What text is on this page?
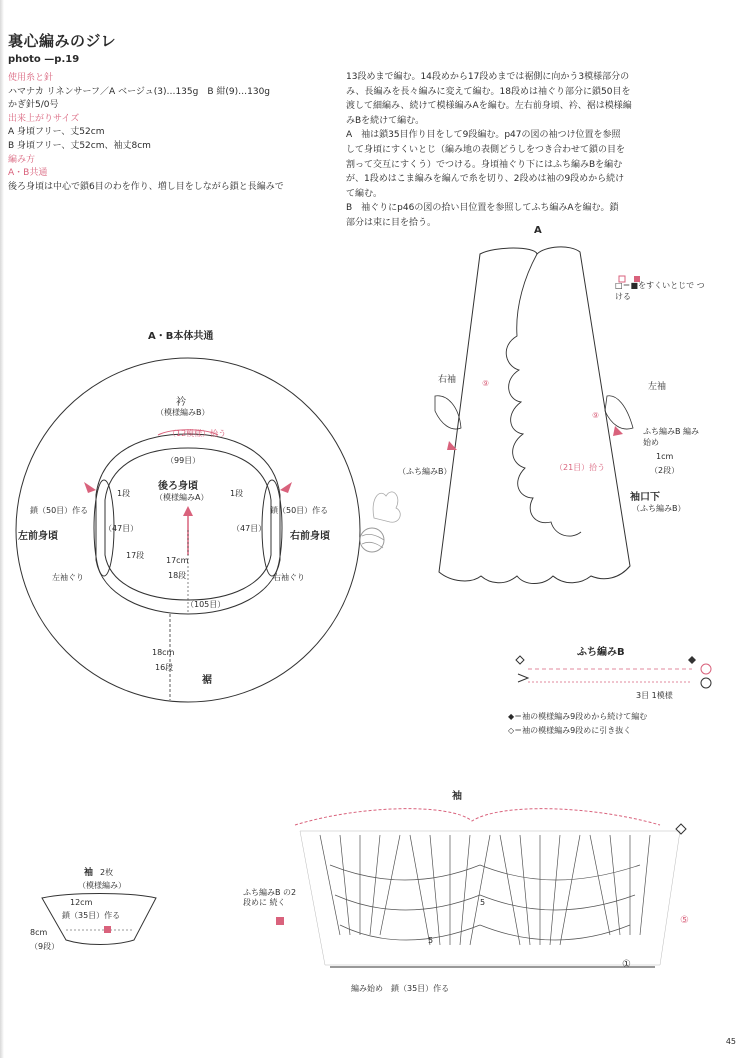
裏心編みのジレ
photo —p.19
使用糸と針
ハマナカ リネンサーフ／A ベージュ(3)…135g　B 紺(9)…130g
かぎ針5/0号
出来上がりサイズ
A 身頃フリー、丈52cm
B 身頃フリー、丈52cm、袖丈8cm
編み方
A・B共通
後ろ身頃は中心で鎖6目のわを作り、増し目をしながら鎖と長編みで
13段めまで編む。14段めから17段めまでは裾側に向かう3模様部分の
み、長編みを長々編みに変えて編む。18段めは袖ぐり部分に鎖50目を
渡して細編み、続けて模様編みAを編む。左右前身頃、衿、裾は模様編
みBを続けて編む。
A　袖は鎖35目作り目をして9段編む。p47の図の袖つけ位置を参照
して身頃にすくいとじ（編み地の表側どうしをつき合わせて鎖の目を
割って交互にすくう）でつける。身頃袖ぐり下にはふち編みBを編む
が、1段めはこま編みを編んで糸を切り、2段めは袖の9段めから続け
て編む。
B　袖ぐりにp46の図の拾い目位置を参照してふち編みAを編む。鎖
部分は束に目を拾う。
A・B本体共通
衿
（模様編みB）
（12模様）拾う
（99目）
後ろ身頃
（模様編みA）
鎖（50目）作る	鎖（50目）作る
1段	1段
（47目）	（47目）
左前身頃	右前身頃
17段
17cm
18段
左袖ぐり	右袖ぐり
（105目）
18cm
16段
裾
⑨
⑨
A
□＝■をすくいとじで つける
右袖
左袖
（ふち編みB）
ふち編みB 編み始め
1cm
（2段）
（21目）拾う
袖口下
（ふち編みB）
ふち編みB
3目 1模様
◆＝袖の模様編み9段めから続けて編む
◇＝袖の模様編み9段めに引き抜く
袖 2枚
（模様編み）
12cm
鎖（35目）作る
8cm
（9段）
袖
⑤
①
ふち編みB の2段めに 続く
編み始め　鎖（35目）作る
5
5
45
